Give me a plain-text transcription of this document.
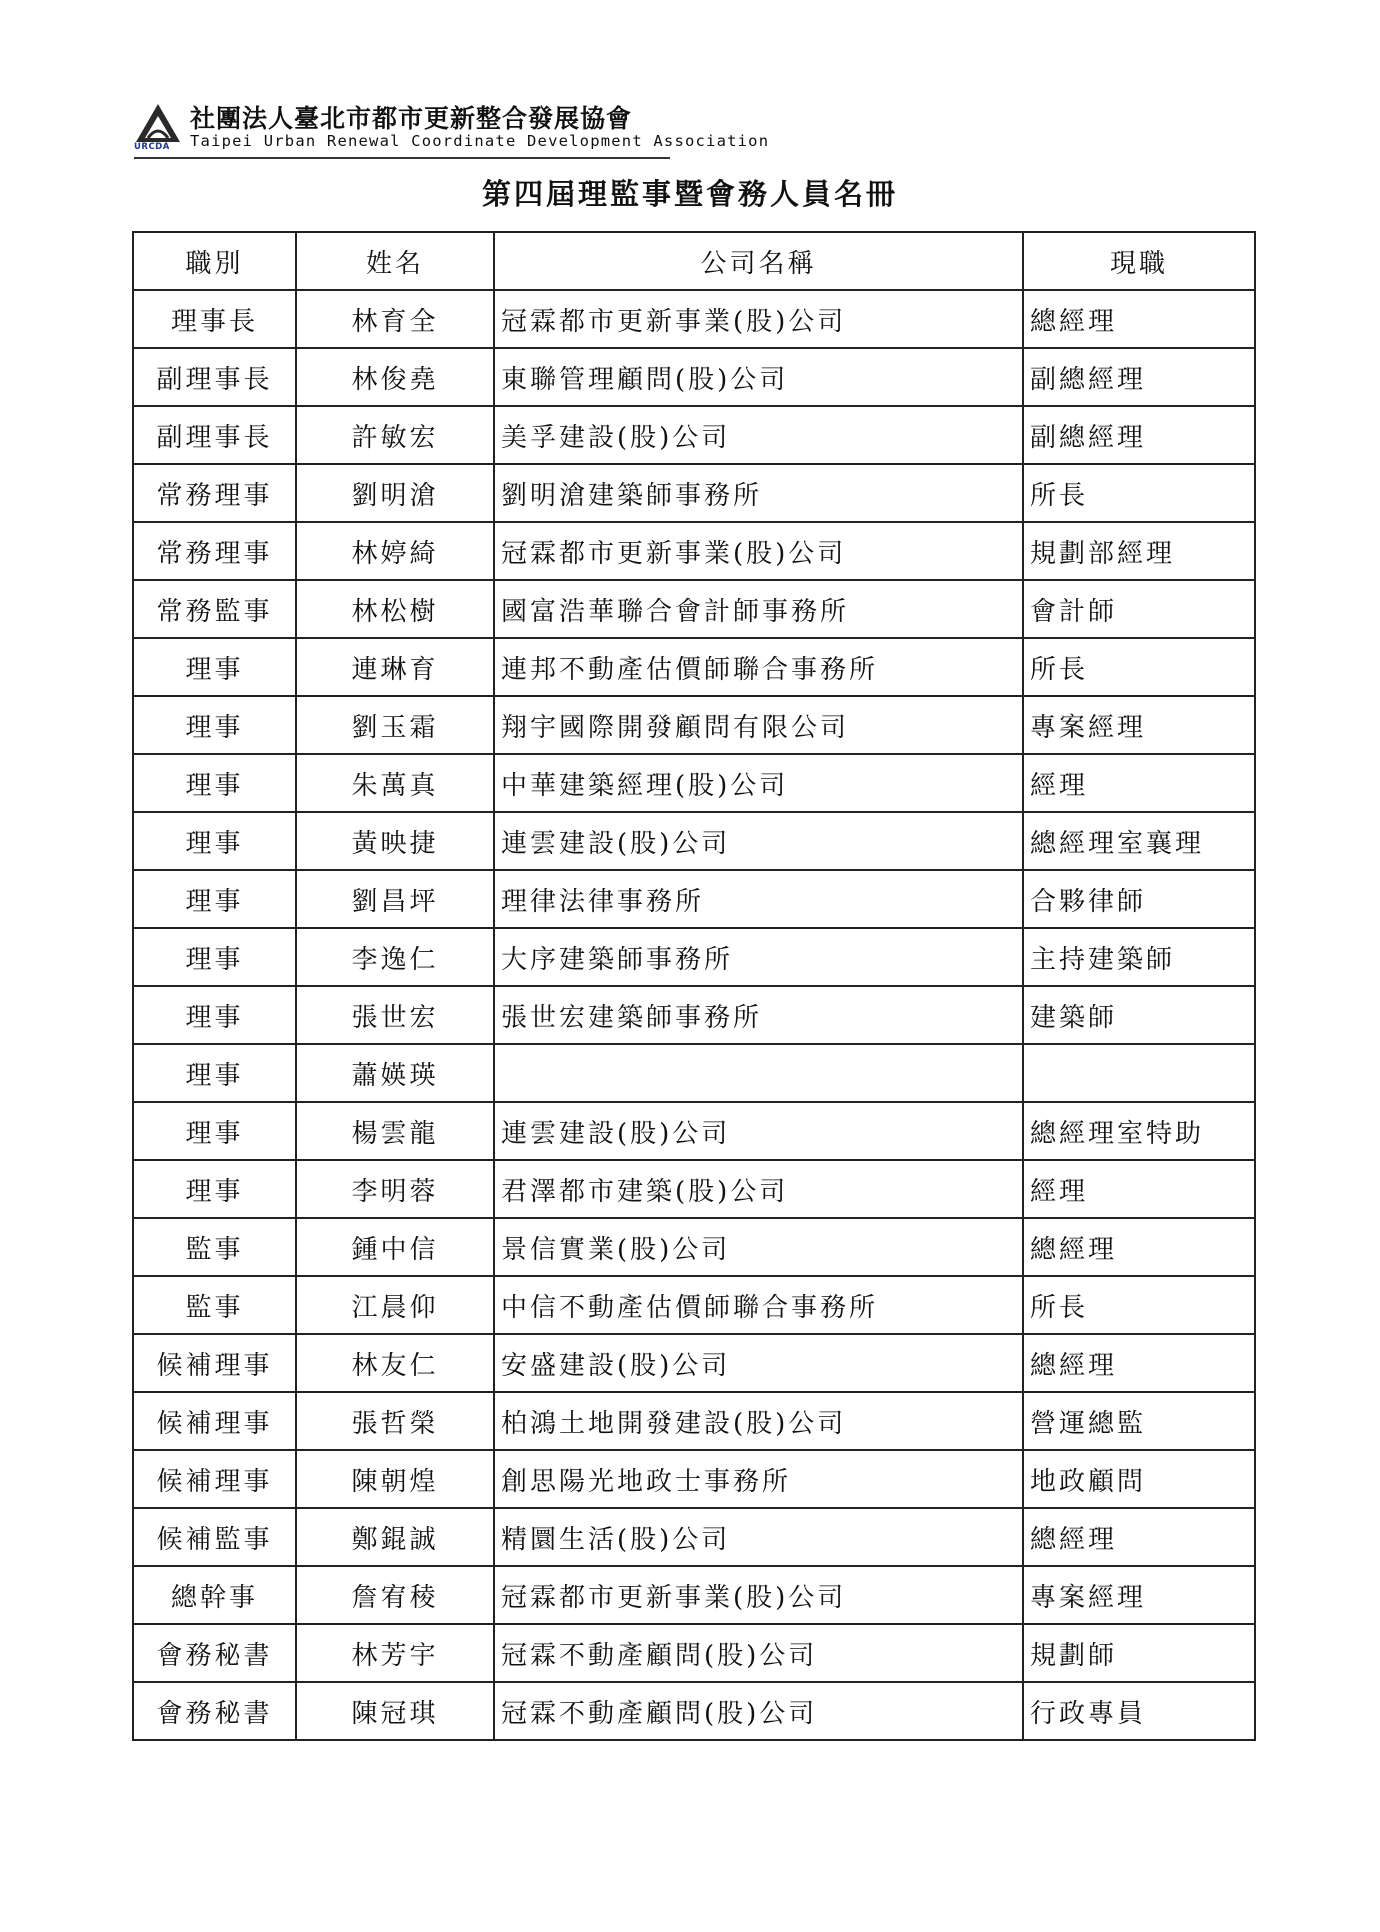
URCDA
社團法人臺北市都市更新整合發展協會
Taipei Urban Renewal Coordinate Development Association
第四屆理監事暨會務人員名冊
職別	姓名	公司名稱	現職
理事長	林育全	冠霖都市更新事業(股)公司	總經理
副理事長	林俊堯	東聯管理顧問(股)公司	副總經理
副理事長	許敏宏	美孚建設(股)公司	副總經理
常務理事	劉明滄	劉明滄建築師事務所	所長
常務理事	林婷綺	冠霖都市更新事業(股)公司	規劃部經理
常務監事	林松樹	國富浩華聯合會計師事務所	會計師
理事	連琳育	連邦不動產估價師聯合事務所	所長
理事	劉玉霜	翔宇國際開發顧問有限公司	專案經理
理事	朱萬真	中華建築經理(股)公司	經理
理事	黃映捷	連雲建設(股)公司	總經理室襄理
理事	劉昌坪	理律法律事務所	合夥律師
理事	李逸仁	大序建築師事務所	主持建築師
理事	張世宏	張世宏建築師事務所	建築師
理事	蕭媖瑛		
理事	楊雲龍	連雲建設(股)公司	總經理室特助
理事	李明蓉	君澤都市建築(股)公司	經理
監事	鍾中信	景信實業(股)公司	總經理
監事	江晨仰	中信不動產估價師聯合事務所	所長
候補理事	林友仁	安盛建設(股)公司	總經理
候補理事	張哲榮	柏鴻土地開發建設(股)公司	營運總監
候補理事	陳朝煌	創思陽光地政士事務所	地政顧問
候補監事	鄭錕誠	精圜生活(股)公司	總經理
總幹事	詹宥稜	冠霖都市更新事業(股)公司	專案經理
會務秘書	林芳宇	冠霖不動產顧問(股)公司	規劃師
會務秘書	陳冠琪	冠霖不動產顧問(股)公司	行政專員
